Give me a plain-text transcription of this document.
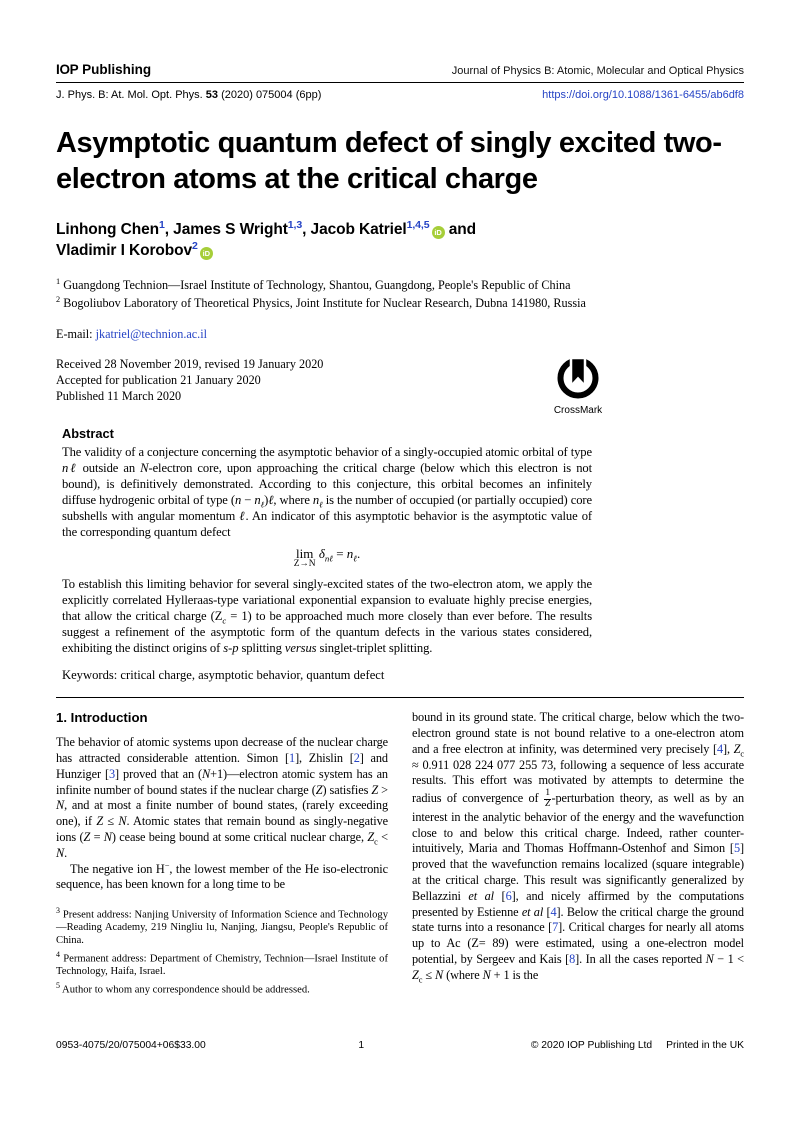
IOP Publishing	Journal of Physics B: Atomic, Molecular and Optical Physics
J. Phys. B: At. Mol. Opt. Phys. 53 (2020) 075004 (6pp)	https://doi.org/10.1088/1361-6455/ab6df8
Asymptotic quantum defect of singly excited two-electron atoms at the critical charge
Linhong Chen$^1$, James S Wright$^{1,3}$, Jacob Katriel$^{1,4,5}$iD and
Vladimir I Korobov$^2$iD
$^1$ Guangdong Technion—Israel Institute of Technology, Shantou, Guangdong, People's Republic of China
$^2$ Bogoliubov Laboratory of Theoretical Physics, Joint Institute for Nuclear Research, Dubna 141980, Russia
E-mail: jkatriel@technion.ac.il
Received 28 November 2019, revised 19 January 2020
Accepted for publication 21 January 2020
Published 11 March 2020
CrossMark
Abstract

The validity of a conjecture concerning the asymptotic behavior of a singly-occupied atomic orbital of type nℓ outside an N-electron core, upon approaching the critical charge (below which this electron is not bound), is definitively demonstrated. According to this conjecture, this orbital becomes an infinitely diffuse hydrogenic orbital of type $(n - n_\ell)\ell$, where $n_\ell$ is the number of occupied (or partially occupied) core subshells with angular momentum ℓ. An indicator of this asymptotic behavior is the asymptotic value of the corresponding quantum defect

lim
Z→N
$\delta_{n\ell} = n_\ell$.

To establish this limiting behavior for several singly-excited states of the two-electron atom, we apply the explicitly correlated Hylleraas-type variational exponential expansion to evaluate highly precise energies, that allow the critical charge $(Z_c = 1)$ to be approached much more closely than ever before. The results suggest a refinement of the asymptotic form of the quantum defects in the various states considered, exhibiting the distinct origins of s-p splitting versus singlet-triplet splitting.

Keywords: critical charge, asymptotic behavior, quantum defect

1. Introduction

The behavior of atomic systems upon decrease of the nuclear charge has attracted considerable attention. Simon [1], Zhislin [2] and Hunziger [3] proved that an (N+1)—electron atomic system has an infinite number of bound states if the nuclear charge (Z) satisfies Z > N, and at most a finite number of bound states, (rarely exceeding one), if Z ≤ N. Atomic states that remain bound as singly-negative ions (Z = N) cease being bound at some critical nuclear charge, $Z_c < N$.

The negative ion H−, the lowest member of the He iso-electronic sequence, has been known for a long time to be

$^3$ Present address: Nanjing University of Information Science and Technology—Reading Academy, 219 Ningliu lu, Nanjing, Jiangsu, People's Republic of China.

$^4$ Permanent address: Department of Chemistry, Technion—Israel Institute of Technology, Haifa, Israel.

$^5$ Author to whom any correspondence should be addressed.

bound in its ground state. The critical charge, below which the two-electron ground state is not bound relative to a one-electron atom and a free electron at infinity, was determined very precisely [4], $Z_c \approx 0.911$ 028 224 077 255 73, following a sequence of less accurate results. This effort was motivated by attempts to determine the radius of convergence of $\frac{1}{Z}$ -perturbation theory, as well as by an interest in the analytic behavior of the energy and the wavefunction close to and below this critical charge. Indeed, rather counter-intuitively, Maria and Thomas Hoffmann-Ostenhof and Simon [5] proved that the wavefunction remains localized (square integrable) at the critical charge. This result was significantly generalized by Bellazzini et al [6], and nicely affirmed by the computations presented by Estienne et al [4]. Below the critical charge the ground state turns into a resonance [7]. Critical charges for nearly all atoms up to Ac (Z= 89) were estimated, using a one-electron model potential, by Sergeev and Kais [8]. In all the cases reported $N - 1 < Z_c \le N$ (where N + 1 is the

0953-4075/20/075004+06$33.00	1	© 2020 IOP Publishing Ltd Printed in the UK
